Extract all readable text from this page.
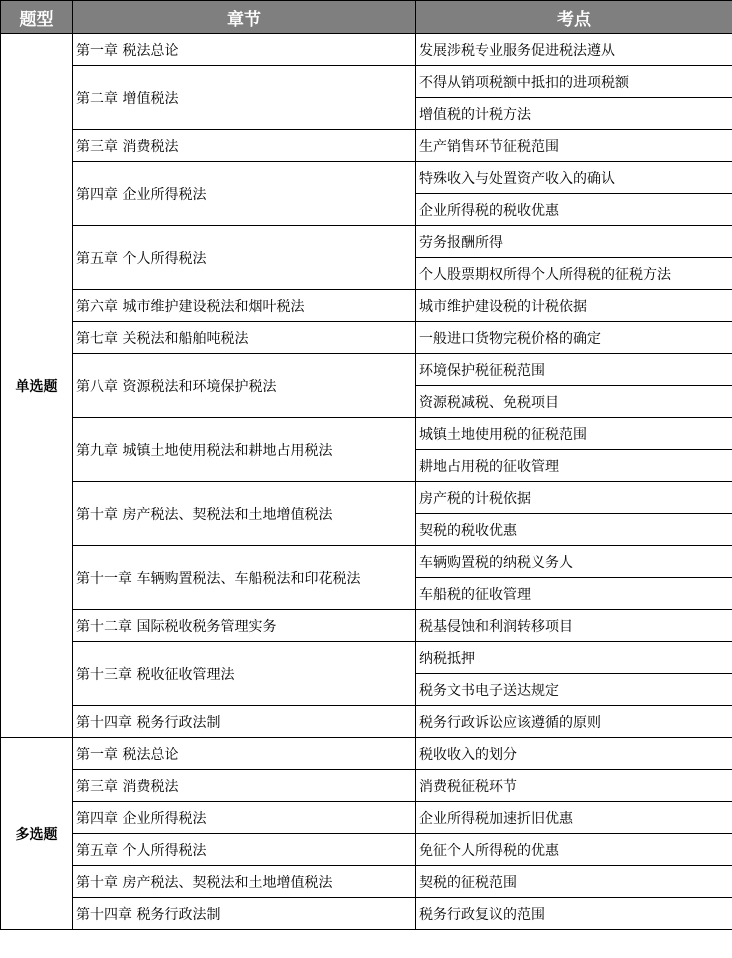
题型	章节	考点
单选题	第一章 税法总论	发展涉税专业服务促进税法遵从
	第二章 增值税法	不得从销项税额中抵扣的进项税额
		增值税的计税方法
	第三章 消费税法	生产销售环节征税范围
	第四章 企业所得税法	特殊收入与处置资产收入的确认
		企业所得税的税收优惠
	第五章 个人所得税法	劳务报酬所得
		个人股票期权所得个人所得税的征税方法
	第六章 城市维护建设税法和烟叶税法	城市维护建设税的计税依据
	第七章 关税法和船舶吨税法	一般进口货物完税价格的确定
	第八章 资源税法和环境保护税法	环境保护税征税范围
		资源税减税、免税项目
	第九章 城镇土地使用税法和耕地占用税法	城镇土地使用税的征税范围
		耕地占用税的征收管理
	第十章 房产税法、契税法和土地增值税法	房产税的计税依据
		契税的税收优惠
	第十一章 车辆购置税法、车船税法和印花税法	车辆购置税的纳税义务人
		车船税的征收管理
	第十二章 国际税收税务管理实务	税基侵蚀和利润转移项目
	第十三章 税收征收管理法	纳税抵押
		税务文书电子送达规定
	第十四章 税务行政法制	税务行政诉讼应该遵循的原则
多选题	第一章 税法总论	税收收入的划分
	第三章 消费税法	消费税征税环节
	第四章 企业所得税法	企业所得税加速折旧优惠
	第五章 个人所得税法	免征个人所得税的优惠
	第十章 房产税法、契税法和土地增值税法	契税的征税范围
	第十四章 税务行政法制	税务行政复议的范围
